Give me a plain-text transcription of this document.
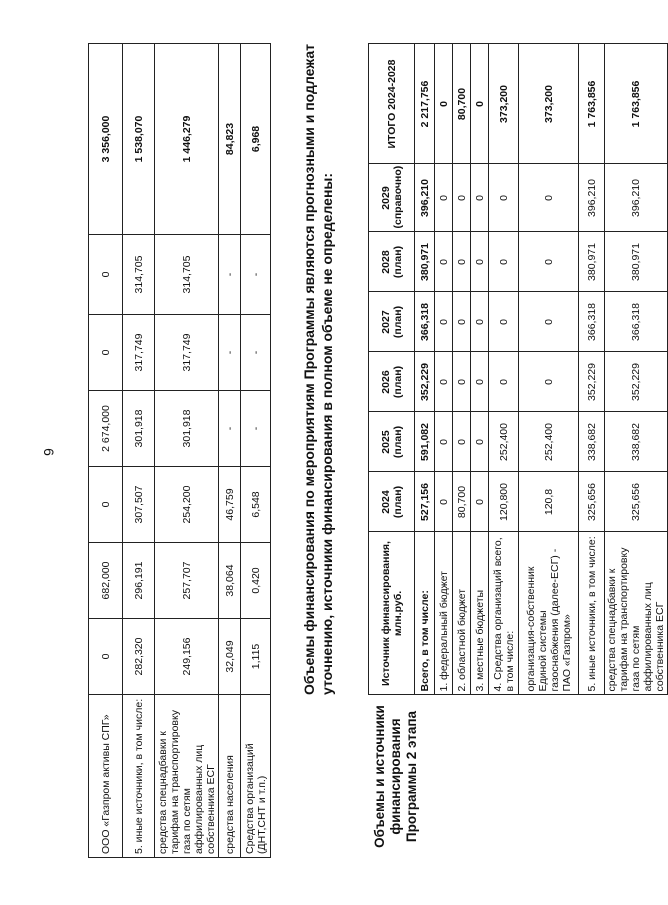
6
ООО «Газпром активы СПГ»	0	682,000	0	2 674,000	0	0	3 356,000
5. иные источники, в том числе:	282,320	296,191	307,507	301,918	317,749	314,705	1 538,070
средства спецнадбавки к тарифам на транспортировку газа по сетям аффилированных лиц собственника ЕСГ	249,156	257,707	254,200	301,918	317,749	314,705	1 446,279
средства населения	32,049	38,064	46,759	-	-	-	84,823
Средства организаций (ДНТ,СНТ и т.п.)	1,115	0,420	6,548	-	-	-	6,968
Объемы и источники финансирования Программы 2 этапа
Объемы финансирования по мероприятиям Программы являются прогнозными и подлежат уточнению, источники финансирования в полном объеме не определены:
		Источник финансирования, млн.руб.	2024 (план)	2025 (план)	2026 (план)	2027 (план)	2028 (план)	2029 (справочно)	ИТОГО 2024-2028
	Всего, в том числе:	527,156	591,082	352,229	366,318	380,971	396,210	2 217,756
	1. федеральный бюджет	0	0	0	0	0	0	0
	2. областной бюджет	80,700	0	0	0	0	0	80,700
	3. местные бюджеты	0	0	0	0	0	0	0
	4. Средства организаций всего, в том числе:	120,800	252,400	0	0	0	0	373,200
	организация-собственник Единой системы газоснабжения (далее-ЕСГ) - ПАО «Газпром»	120,8	252,400	0	0	0	0	373,200
	5. иные источники, в том числе:	325,656	338,682	352,229	366,318	380,971	396,210	1 763,856
	средства спецнадбавки к тарифам на транспортировку газа по сетям аффилированных лиц собственника ЕСГ	325,656	338,682	352,229	366,318	380,971	396,210	1 763,856
